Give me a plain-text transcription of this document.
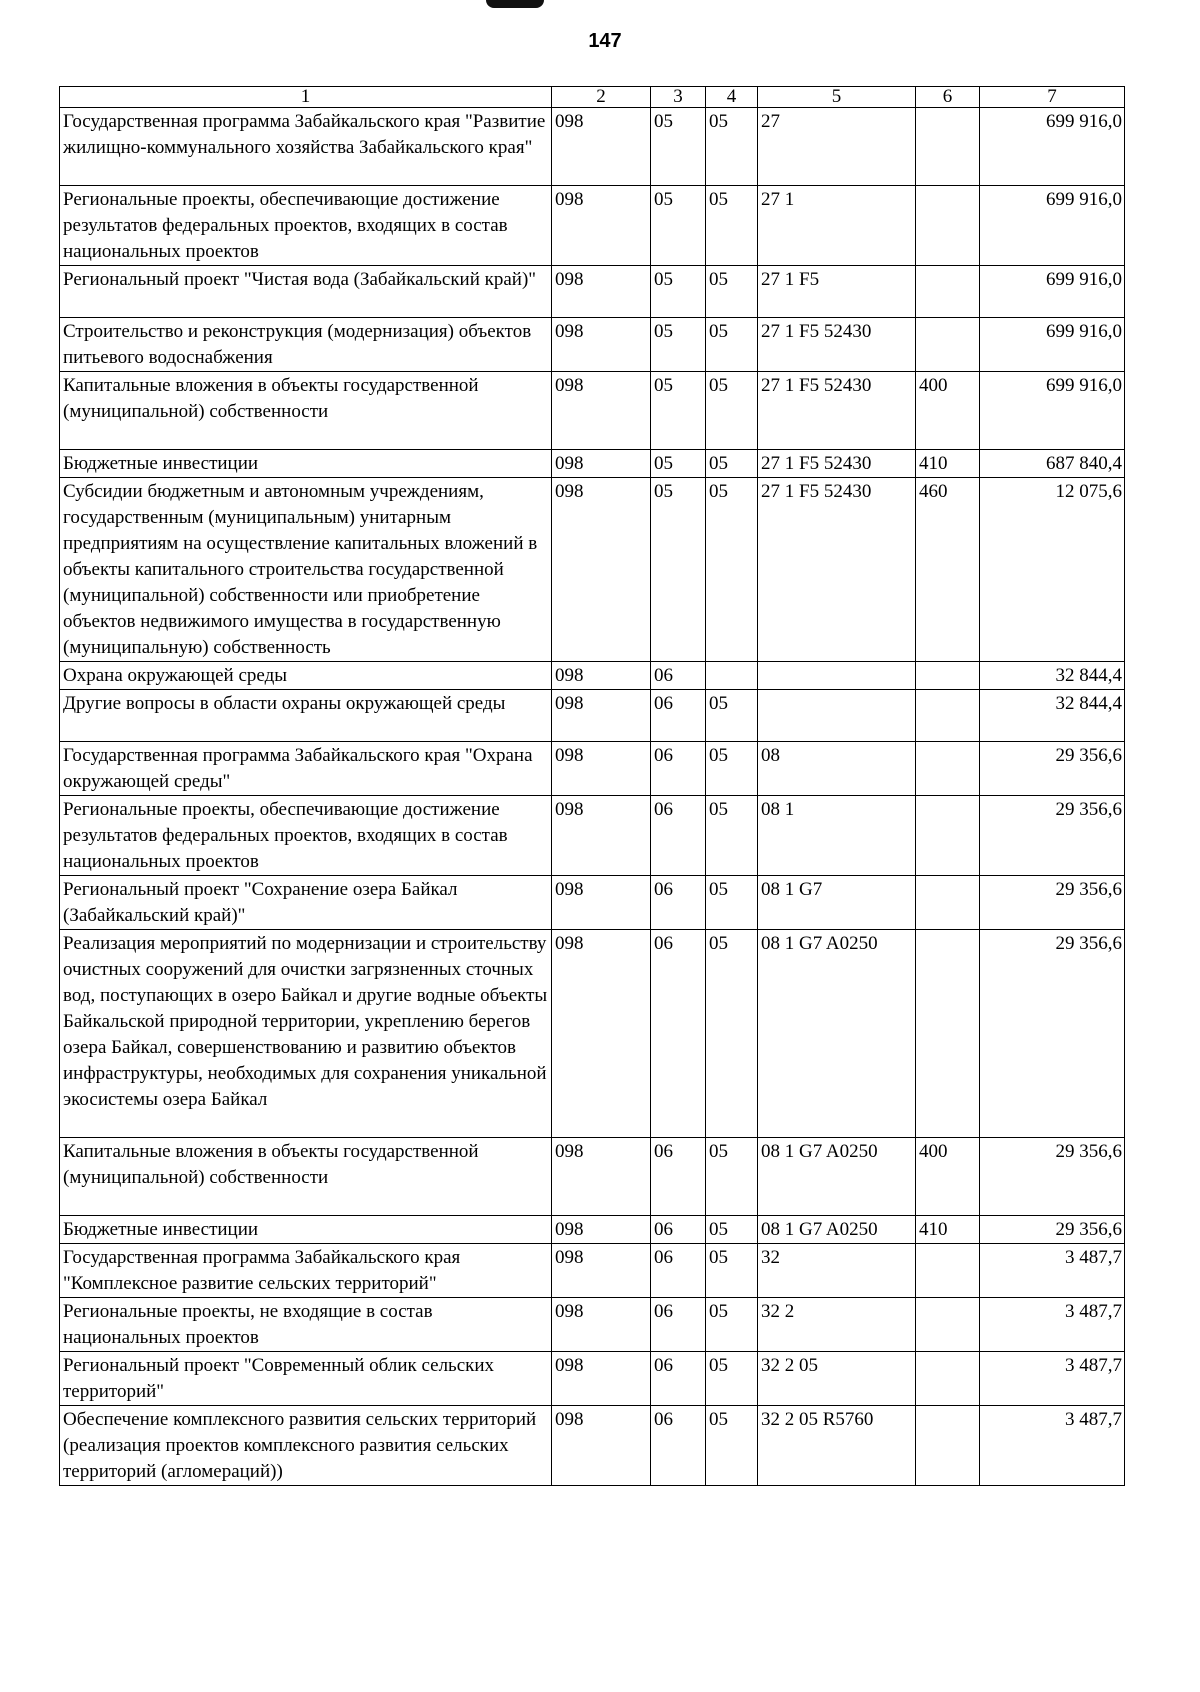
147
1	2	3	4	5	6	7
Государственная программа Забайкальского края "Развитие жилищно-коммунального хозяйства Забайкальского края"	098	05	05	27		699 916,0
Региональные проекты, обеспечивающие достижение результатов федеральных проектов, входящих в состав национальных проектов	098	05	05	27 1		699 916,0
Региональный проект "Чистая вода (Забайкальский край)"	098	05	05	27 1 F5		699 916,0
Строительство и реконструкция (модернизация) объектов питьевого водоснабжения	098	05	05	27 1 F5 52430		699 916,0
Капитальные вложения в объекты государственной (муниципальной) собственности	098	05	05	27 1 F5 52430	400	699 916,0
Бюджетные инвестиции	098	05	05	27 1 F5 52430	410	687 840,4
Субсидии бюджетным и автономным учреждениям, государственным (муниципальным) унитарным предприятиям на осуществление капитальных вложений в объекты капитального строительства государственной (муниципальной) собственности или приобретение объектов недвижимого имущества в государственную (муниципальную) собственность	098	05	05	27 1 F5 52430	460	12 075,6
Охрана окружающей среды	098	06				32 844,4
Другие вопросы в области охраны окружающей среды	098	06	05			32 844,4
Государственная программа Забайкальского края "Охрана окружающей среды"	098	06	05	08		29 356,6
Региональные проекты, обеспечивающие достижение результатов федеральных проектов, входящих в состав национальных проектов	098	06	05	08 1		29 356,6
Региональный проект "Сохранение озера Байкал (Забайкальский край)"	098	06	05	08 1 G7		29 356,6
Реализация мероприятий по модернизации и строительству очистных сооружений для очистки загрязненных сточных вод, поступающих в озеро Байкал и другие водные объекты Байкальской природной территории, укреплению берегов озера Байкал, совершенствованию и развитию объектов инфраструктуры, необходимых для сохранения уникальной экосистемы озера Байкал	098	06	05	08 1 G7 A0250		29 356,6
Капитальные вложения в объекты государственной (муниципальной) собственности	098	06	05	08 1 G7 A0250	400	29 356,6
Бюджетные инвестиции	098	06	05	08 1 G7 A0250	410	29 356,6
Государственная программа Забайкальского края "Комплексное развитие сельских территорий"	098	06	05	32		3 487,7
Региональные проекты, не входящие в состав национальных проектов	098	06	05	32 2		3 487,7
Региональный проект "Современный облик сельских территорий"	098	06	05	32 2 05		3 487,7
Обеспечение комплексного развития сельских территорий (реализация проектов комплексного развития сельских территорий (агломераций))	098	06	05	32 2 05 R5760		3 487,7
